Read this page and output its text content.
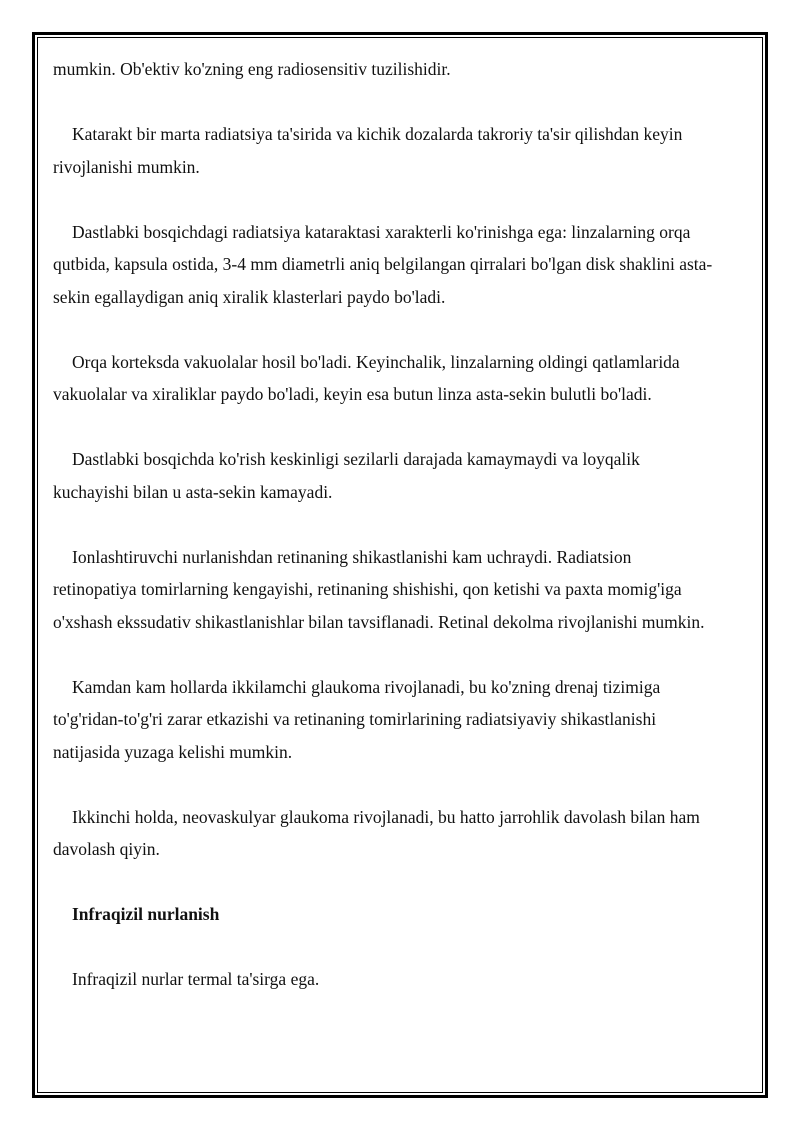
mumkin. Ob'ektiv ko'zning eng radiosensitiv tuzilishidir.

Katarakt bir marta radiatsiya ta'sirida va kichik dozalarda takroriy ta'sir qilishdan keyin rivojlanishi mumkin.

Dastlabki bosqichdagi radiatsiya kataraktasi xarakterli ko'rinishga ega: linzalarning orqa qutbida, kapsula ostida, 3-4 mm diametrli aniq belgilangan qirralari bo'lgan disk shaklini asta-sekin egallaydigan aniq xiralik klasterlari paydo bo'ladi.

Orqa korteksda vakuolalar hosil bo'ladi. Keyinchalik, linzalarning oldingi qatlamlarida vakuolalar va xiraliklar paydo bo'ladi, keyin esa butun linza asta-sekin bulutli bo'ladi.

Dastlabki bosqichda ko'rish keskinligi sezilarli darajada kamaymaydi va loyqalik kuchayishi bilan u asta-sekin kamayadi.

Ionlashtiruvchi nurlanishdan retinaning shikastlanishi kam uchraydi. Radiatsion retinopatiya tomirlarning kengayishi, retinaning shishishi, qon ketishi va paxta momig'iga o'xshash ekssudativ shikastlanishlar bilan tavsiflanadi. Retinal dekolma rivojlanishi mumkin.

Kamdan kam hollarda ikkilamchi glaukoma rivojlanadi, bu ko'zning drenaj tizimiga to'g'ridan-to'g'ri zarar etkazishi va retinaning tomirlarining radiatsiyaviy shikastlanishi natijasida yuzaga kelishi mumkin.

Ikkinchi holda, neovaskulyar glaukoma rivojlanadi, bu hatto jarrohlik davolash bilan ham davolash qiyin.

Infraqizil nurlanish

Infraqizil nurlar termal ta'sirga ega.
